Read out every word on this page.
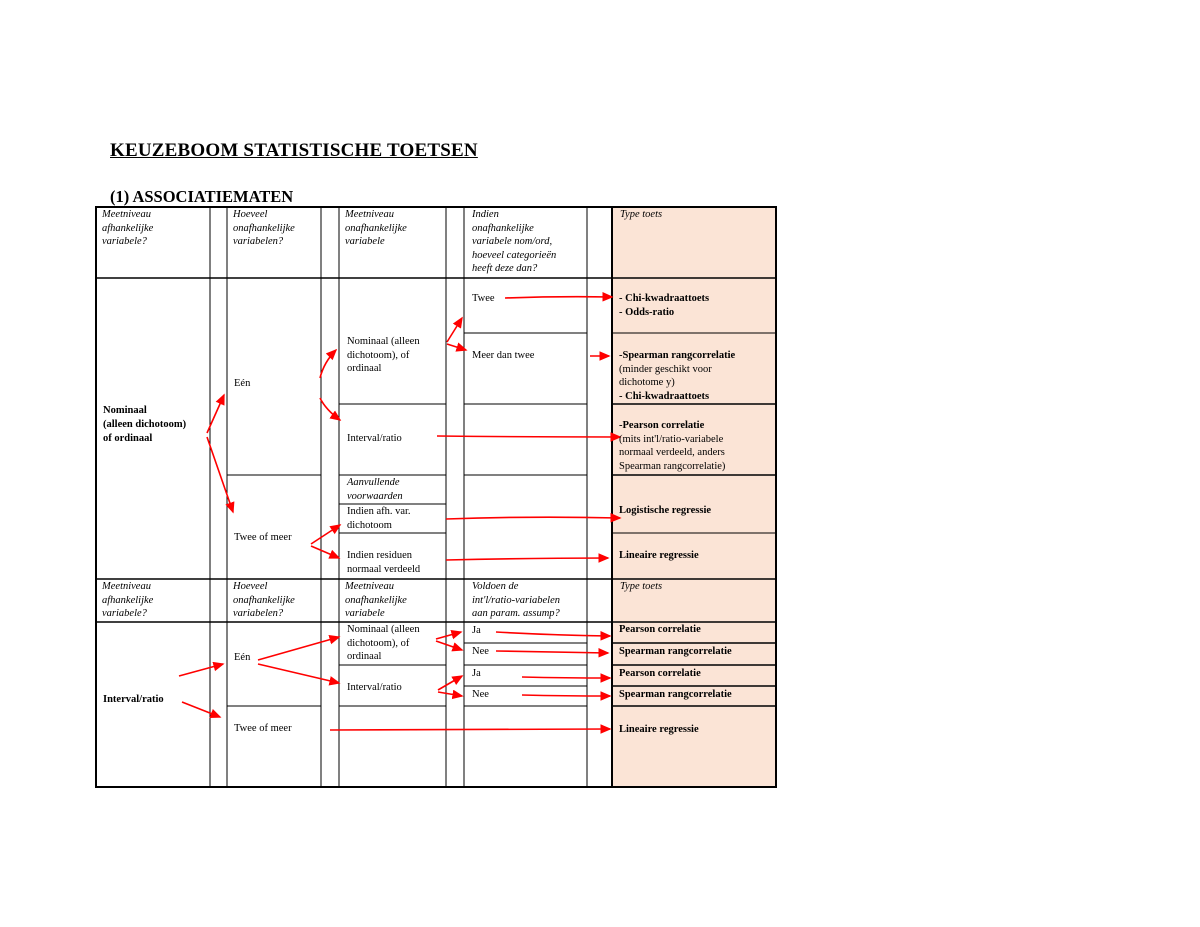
KEUZEBOOM STATISTISCHE TOETSEN
(1) ASSOCIATIEMATEN
Meetniveau
afhankelijke
variabele?
Hoeveel
onafhankelijke
variabelen?
Meetniveau
onafhankelijke
variabele
Indien
onafhankelijke
variabele nom/ord,
hoeveel categorieën
heeft deze dan?
Type toets
Nominaal
(alleen dichotoom)
of ordinaal
Eén
Nominaal (alleen
dichotoom), of
ordinaal
Twee
Meer dan twee
Interval/ratio
Twee of meer
Aanvullende
voorwaarden
Indien afh. var.
dichotoom
Indien residuen
normaal verdeeld
- Chi-kwadraattoets
- Odds-ratio
-Spearman rangcorrelatie
(minder geschikt voor
dichotome y)
- Chi-kwadraattoets
-Pearson correlatie
(mits int'l/ratio-variabele
normaal verdeeld, anders
Spearman rangcorrelatie)
Logistische regressie
Lineaire regressie
Meetniveau
afhankelijke
variabele?
Hoeveel
onafhankelijke
variabelen?
Meetniveau
onafhankelijke
variabele
Voldoen de
int'l/ratio-variabelen
aan param. assump?
Type toets
Interval/ratio
Eén
Nominaal (alleen
dichotoom), of
ordinaal
Interval/ratio
Twee of meer
Ja
Nee
Ja
Nee
Pearson correlatie
Spearman rangcorrelatie
Pearson correlatie
Spearman rangcorrelatie
Lineaire regressie
